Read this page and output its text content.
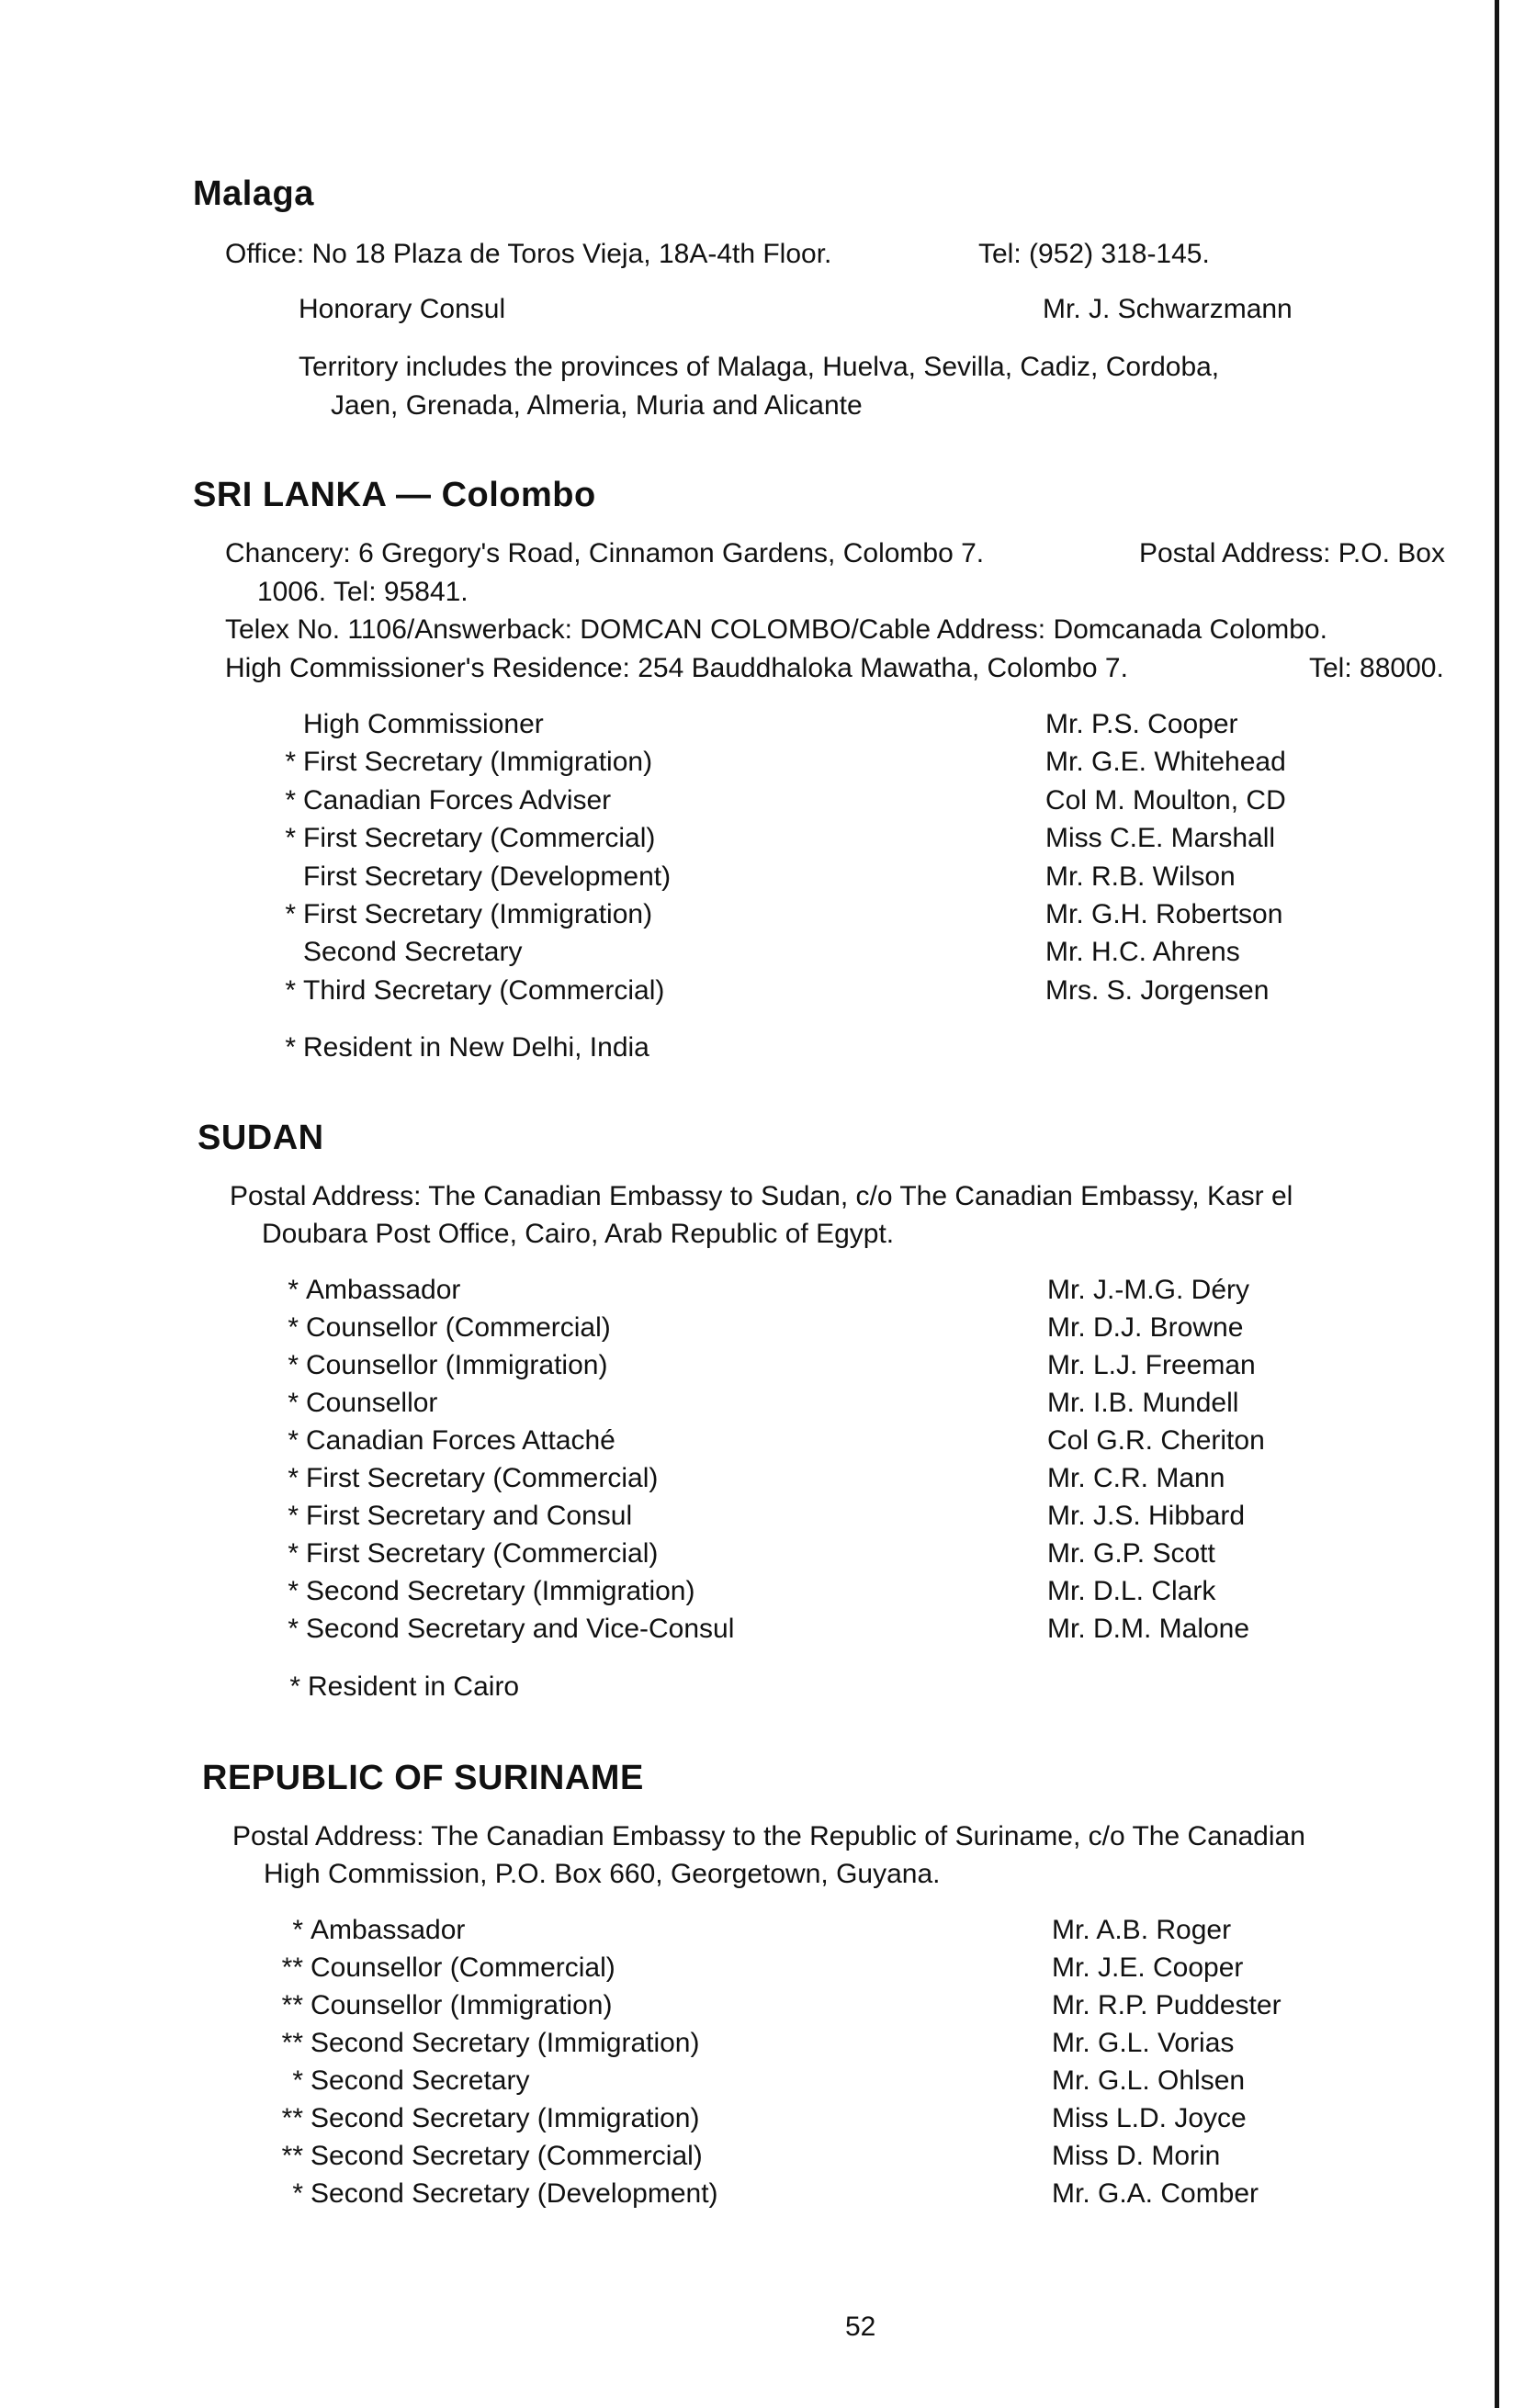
Malaga
Office: No 18 Plaza de Toros Vieja, 18A-4th Floor.	Tel: (952) 318-145.
Honorary Consul	Mr. J. Schwarzmann
Territory includes the provinces of Malaga, Huelva, Sevilla, Cadiz, Cordoba,
Jaen, Grenada, Almeria, Muria and Alicante
SRI LANKA — Colombo
Chancery: 6 Gregory's Road, Cinnamon Gardens, Colombo 7.	Postal Address: P.O. Box
1006. Tel: 95841.
Telex No. 1106/Answerback: DOMCAN COLOMBO/Cable Address: Domcanada Colombo.
High Commissioner's Residence: 254 Bauddhaloka Mawatha, Colombo 7.	Tel: 88000.
High Commissioner	Mr. P.S. Cooper
* First Secretary (Immigration)	Mr. G.E. Whitehead
* Canadian Forces Adviser	Col M. Moulton, CD
* First Secretary (Commercial)	Miss C.E. Marshall
First Secretary (Development)	Mr. R.B. Wilson
* First Secretary (Immigration)	Mr. G.H. Robertson
Second Secretary	Mr. H.C. Ahrens
* Third Secretary (Commercial)	Mrs. S. Jorgensen
* Resident in New Delhi, India
SUDAN
Postal Address: The Canadian Embassy to Sudan, c/o The Canadian Embassy, Kasr el
Doubara Post Office, Cairo, Arab Republic of Egypt.
* Ambassador	Mr. J.-M.G. Déry
* Counsellor (Commercial)	Mr. D.J. Browne
* Counsellor (Immigration)	Mr. L.J. Freeman
* Counsellor	Mr. I.B. Mundell
* Canadian Forces Attaché	Col G.R. Cheriton
* First Secretary (Commercial)	Mr. C.R. Mann
* First Secretary and Consul	Mr. J.S. Hibbard
* First Secretary (Commercial)	Mr. G.P. Scott
* Second Secretary (Immigration)	Mr. D.L. Clark
* Second Secretary and Vice-Consul	Mr. D.M. Malone
* Resident in Cairo
REPUBLIC OF SURINAME
Postal Address: The Canadian Embassy to the Republic of Suriname, c/o The Canadian
High Commission, P.O. Box 660, Georgetown, Guyana.
* Ambassador	Mr. A.B. Roger
** Counsellor (Commercial)	Mr. J.E. Cooper
** Counsellor (Immigration)	Mr. R.P. Puddester
** Second Secretary (Immigration)	Mr. G.L. Vorias
* Second Secretary	Mr. G.L. Ohlsen
** Second Secretary (Immigration)	Miss L.D. Joyce
** Second Secretary (Commercial)	Miss D. Morin
* Second Secretary (Development)	Mr. G.A. Comber
52
